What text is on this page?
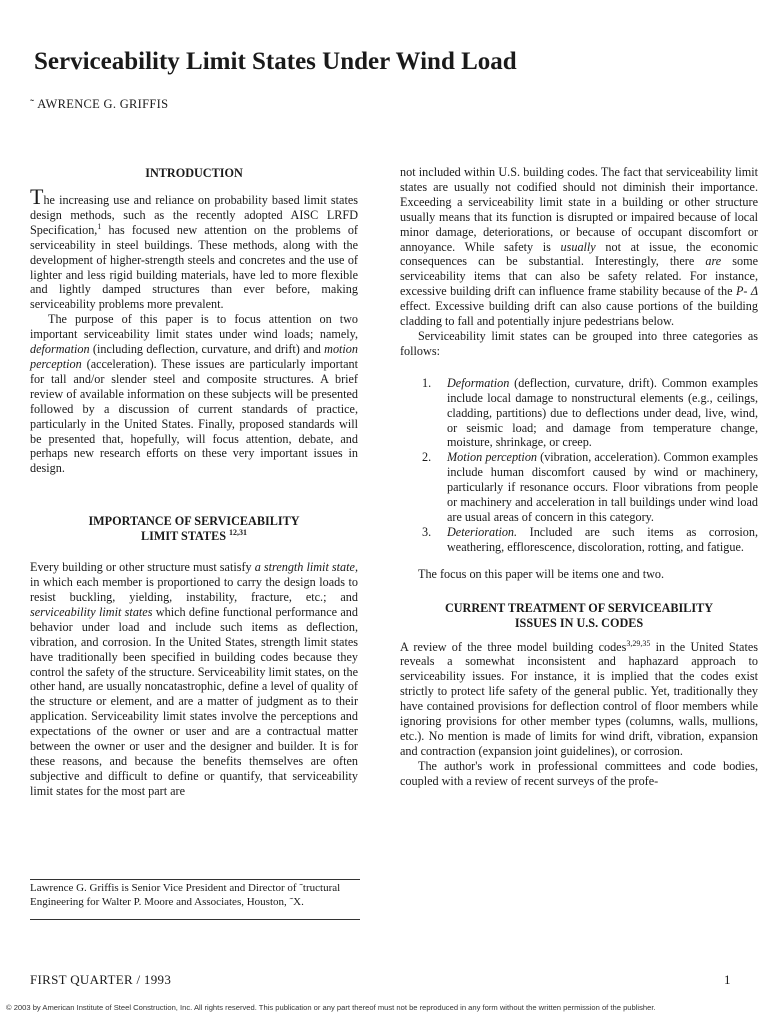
Serviceability Limit States Under Wind Load
˜ AWRENCE G. GRIFFIS
INTRODUCTION

The increasing use and reliance on probability based limit states design methods, such as the recently adopted AISC LRFD Specification,$^1$ has focused new attention on the problems of serviceability in steel buildings. These methods, along with the development of higher-strength steels and concretes and the use of lighter and less rigid building materials, have led to more flexible and lightly damped structures than ever before, making serviceability problems more prevalent.

The purpose of this paper is to focus attention on two important serviceability limit states under wind loads; namely, deformation (including deflection, curvature, and drift) and motion perception (acceleration). These issues are particularly important for tall and/or slender steel and composite structures. A brief review of available information on these subjects will be presented followed by a discussion of current standards of practice, particularly in the United States. Finally, proposed standards will be presented that, hopefully, will focus attention, debate, and perhaps new research efforts on these very important issues in design.

IMPORTANCE OF SERVICEABILITY
LIMIT STATES $^{12,31}$

Every building or other structure must satisfy a strength limit state, in which each member is proportioned to carry the design loads to resist buckling, yielding, instability, fracture, etc.; and serviceability limit states which define functional performance and behavior under load and include such items as deflection, vibration, and corrosion. In the United States, strength limit states have traditionally been specified in building codes because they control the safety of the structure. Serviceability limit states, on the other hand, are usually noncatastrophic, define a level of quality of the structure or element, and are a matter of judgment as to their application. Serviceability limit states involve the perceptions and expectations of the owner or user and are a contractual matter between the owner or user and the designer and builder. It is for these reasons, and because the benefits themselves are often subjective and difficult to define or quantify, that serviceability limit states for the most part are

Lawrence G. Griffis is Senior Vice President and Director of ˜tructural Engineering for Walter P. Moore and Associates, Houston, ˜X.

not included within U.S. building codes. The fact that serviceability limit states are usually not codified should not diminish their importance. Exceeding a serviceability limit state in a building or other structure usually means that its function is disrupted or impaired because of local minor damage, deteriorations, or because of occupant discomfort or annoyance. While safety is usually not at issue, the economic consequences can be substantial. Interestingly, there are some serviceability items that can also be safety related. For instance, excessive building drift can influence frame stability because of the P- Δ effect. Excessive building drift can also cause portions of the building cladding to fall and potentially injure pedestrians below.

Serviceability limit states can be grouped into three categories as follows:

1. Deformation (deflection, curvature, drift). Common examples include local damage to nonstructural elements (e.g., ceilings, cladding, partitions) due to deflections under dead, live, wind, or seismic load; and damage from temperature change, moisture, shrinkage, or creep.
2. Motion perception (vibration, acceleration). Common examples include human discomfort caused by wind or machinery, particularly if resonance occurs. Floor vibrations from people or machinery and acceleration in tall buildings under wind load are usual areas of concern in this category.
3. Deterioration. Included are such items as corrosion, weathering, efflorescence, discoloration, rotting, and fatigue.

The focus on this paper will be items one and two.

CURRENT TREATMENT OF SERVICEABILITY
ISSUES IN U.S. CODES

A review of the three model building codes$^{3,29,35}$ in the United States reveals a somewhat inconsistent and haphazard approach to serviceability issues. For instance, it is implied that the codes exist strictly to protect life safety of the general public. Yet, traditionally they have contained provisions for deflection control of floor members while ignoring provisions for other member types (columns, walls, mullions, etc.). No mention is made of limits for wind drift, vibration, expansion and contraction (expansion joint guidelines), or corrosion.

The author's work in professional committees and code bodies, coupled with a review of recent surveys of the profe-

FIRST QUARTER / 1993	1
© 2003 by American Institute of Steel Construction, Inc. All rights reserved. This publication or any part thereof must not be reproduced in any form without the written permission of the publisher.
